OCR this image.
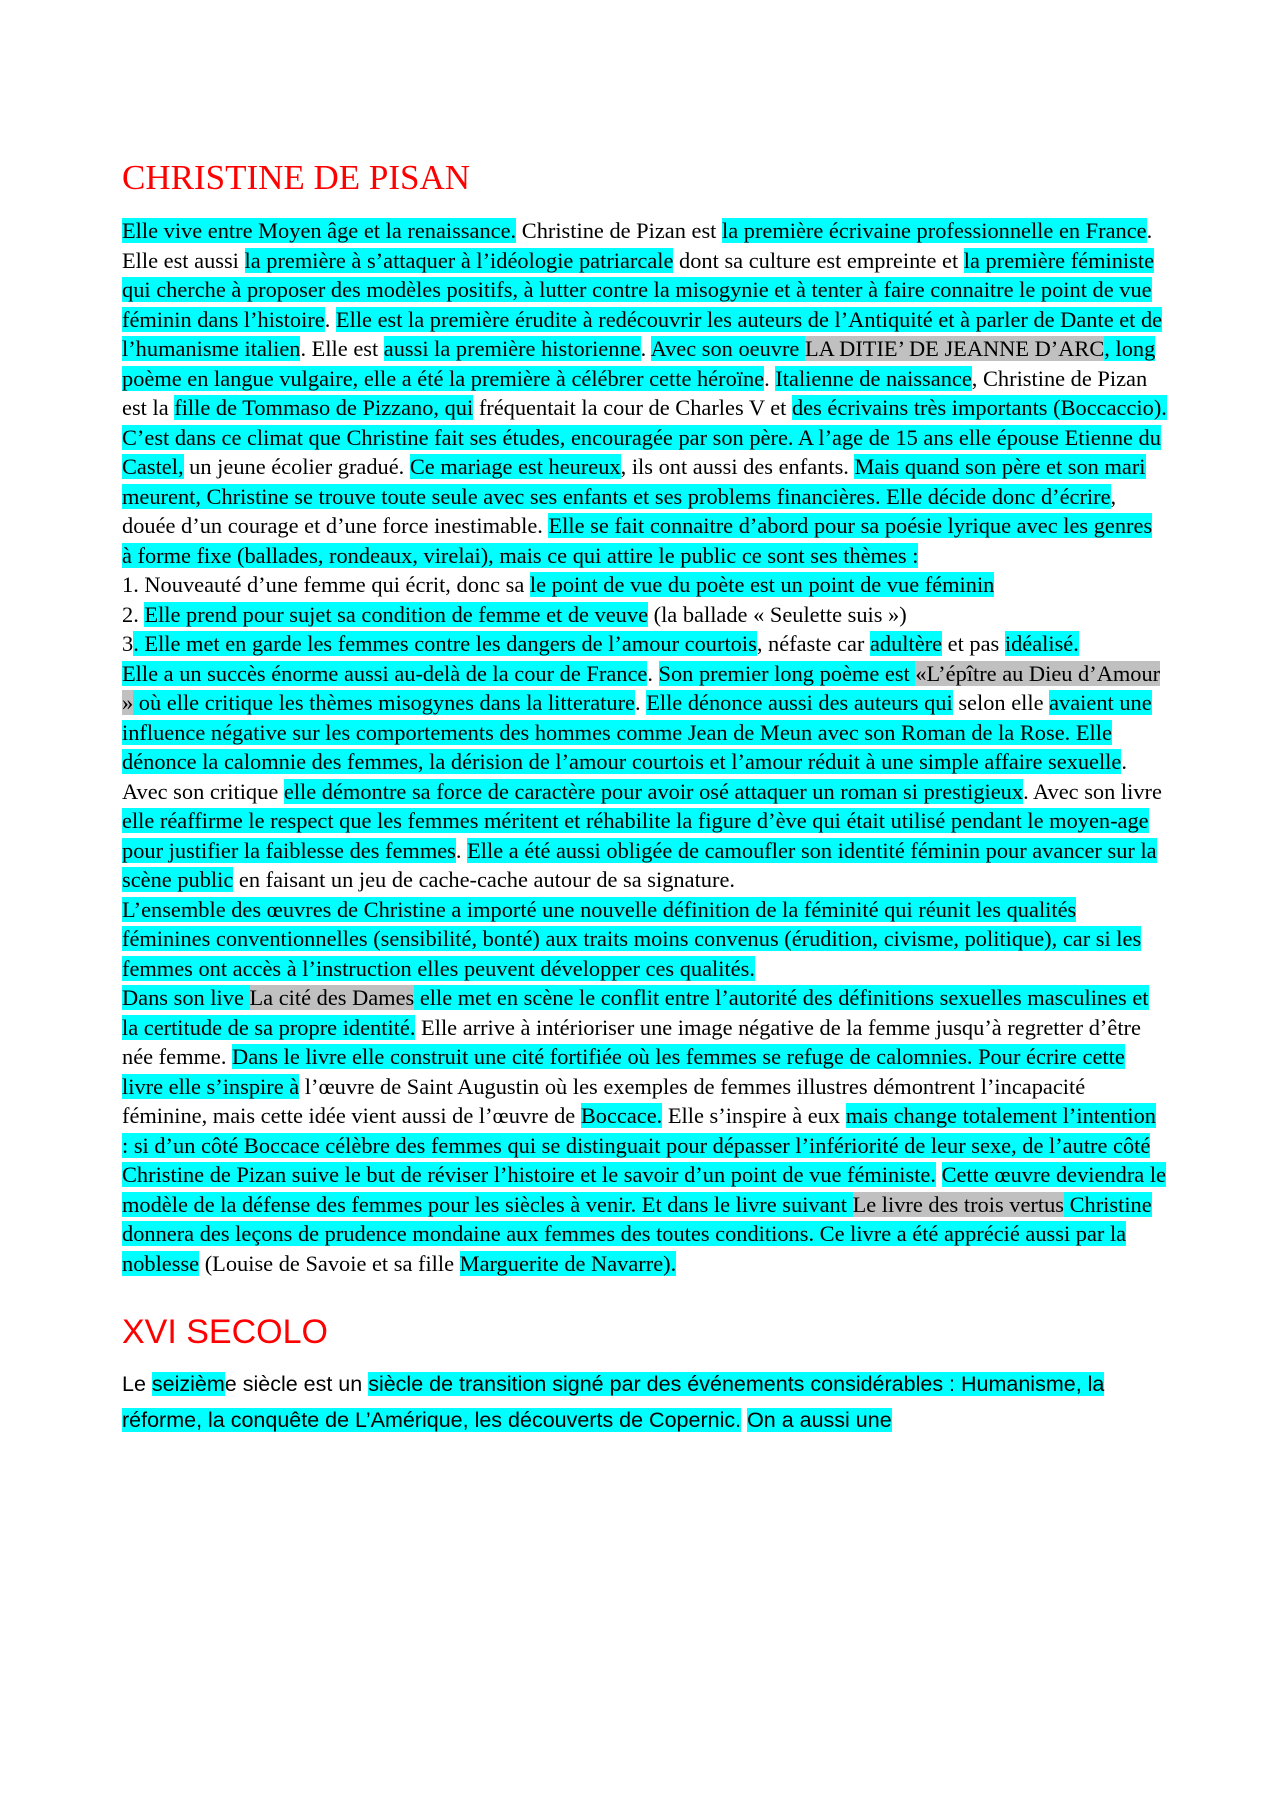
CHRISTINE DE PISAN

Elle vive entre Moyen âge et la renaissance. Christine de Pizan est la première écrivaine professionnelle en France. Elle est aussi la première à s’attaquer à l’idéologie patriarcale dont sa culture est empreinte et la première féministe qui cherche à proposer des modèles positifs, à lutter contre la misogynie et à tenter à faire connaitre le point de vue féminin dans l’histoire. Elle est la première érudite à redécouvrir les auteurs de l’Antiquité et à parler de Dante et de l’humanisme italien. Elle est aussi la première historienne. Avec son oeuvre LA DITIE’ DE JEANNE D’ARC, long poème en langue vulgaire, elle a été la première à célébrer cette héroïne. Italienne de naissance, Christine de Pizan est la fille de Tommaso de Pizzano, qui fréquentait la cour de Charles V et des écrivains très importants (Boccaccio). C’est dans ce climat que Christine fait ses études, encouragée par son père. A l’age de 15 ans elle épouse Etienne du Castel, un jeune écolier gradué. Ce mariage est heureux, ils ont aussi des enfants. Mais quand son père et son mari meurent, Christine se trouve toute seule avec ses enfants et ses problems financières. Elle décide donc d’écrire, douée d’un courage et d’une force inestimable. Elle se fait connaitre d’abord pour sa poésie lyrique avec les genres à forme fixe (ballades, rondeaux, virelai), mais ce qui attire le public ce sont ses thèmes :
1. Nouveauté d’une femme qui écrit, donc sa le point de vue du poète est un point de vue féminin
2. Elle prend pour sujet sa condition de femme et de veuve (la ballade « Seulette suis »)
3. Elle met en garde les femmes contre les dangers de l’amour courtois, néfaste car adultère et pas idéalisé.
Elle a un succès énorme aussi au-delà de la cour de France. Son premier long poème est «L’épître au Dieu d’Amour » où elle critique les thèmes misogynes dans la litterature. Elle dénonce aussi des auteurs qui selon elle avaient une influence négative sur les comportements des hommes comme Jean de Meun avec son Roman de la Rose. Elle dénonce la calomnie des femmes, la dérision de l’amour courtois et l’amour réduit à une simple affaire sexuelle. Avec son critique elle démontre sa force de caractère pour avoir osé attaquer un roman si prestigieux. Avec son livre elle réaffirme le respect que les femmes méritent et réhabilite la figure d’ève qui était utilisé pendant le moyen-age pour justifier la faiblesse des femmes. Elle a été aussi obligée de camoufler son identité féminin pour avancer sur la scène public en faisant un jeu de cache-cache autour de sa signature.
L’ensemble des œuvres de Christine a importé une nouvelle définition de la féminité qui réunit les qualités féminines conventionnelles (sensibilité, bonté) aux traits moins convenus (érudition, civisme, politique), car si les femmes ont accès à l’instruction elles peuvent développer ces qualités.
Dans son live La cité des Dames elle met en scène le conflit entre l’autorité des définitions sexuelles masculines et la certitude de sa propre identité. Elle arrive à intérioriser une image négative de la femme jusqu’à regretter d’être née femme. Dans le livre elle construit une cité fortifiée où les femmes se refuge de calomnies. Pour écrire cette livre elle s’inspire à l’œuvre de Saint Augustin où les exemples de femmes illustres démontrent l’incapacité féminine, mais cette idée vient aussi de l’œuvre de Boccace. Elle s’inspire à eux mais change totalement l’intention : si d’un côté Boccace célèbre des femmes qui se distinguait pour dépasser l’infériorité de leur sexe, de l’autre côté Christine de Pizan suive le but de réviser l’histoire et le savoir d’un point de vue féministe. Cette œuvre deviendra le modèle de la défense des femmes pour les siècles à venir. Et dans le livre suivant Le livre des trois vertus Christine donnera des leçons de prudence mondaine aux femmes des toutes conditions. Ce livre a été apprécié aussi par la noblesse (Louise de Savoie et sa fille Marguerite de Navarre).

XVI SECOLO

Le seizième siècle est un siècle de transition signé par des événements considérables : Humanisme, la réforme, la conquête de L’Amérique, les découverts de Copernic. On a aussi une
